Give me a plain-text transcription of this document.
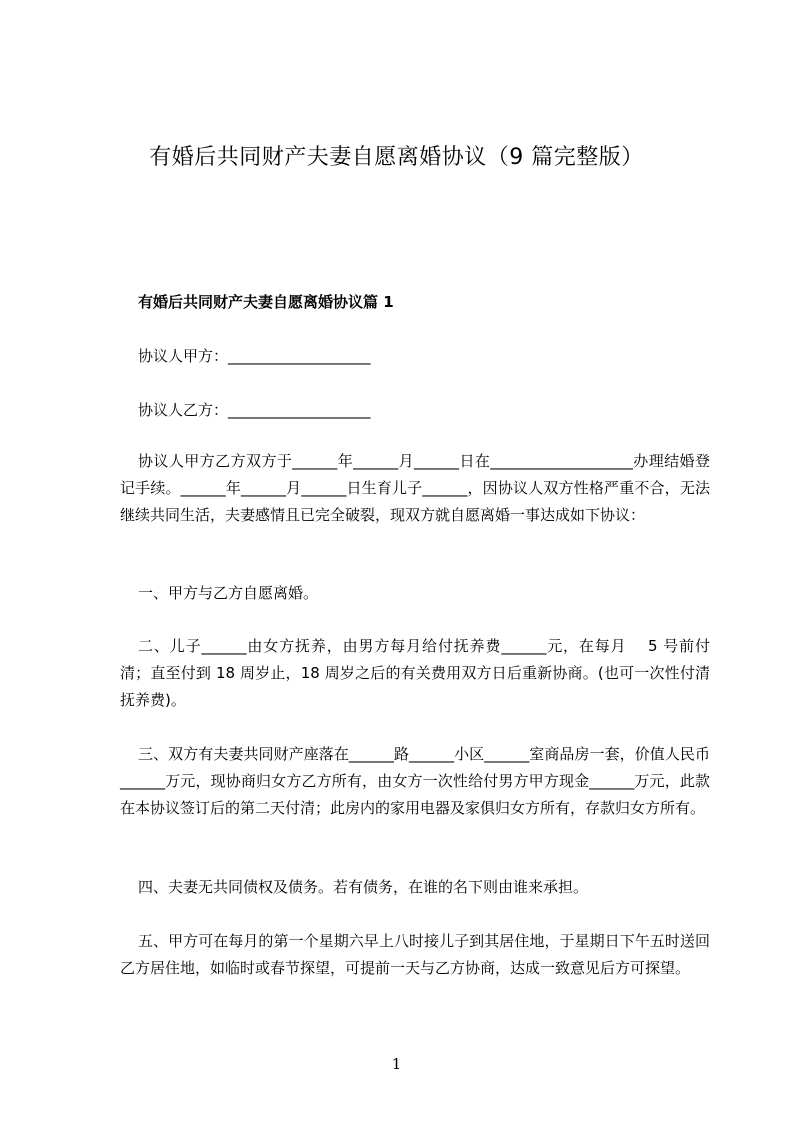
有婚后共同财产夫妻自愿离婚协议（9 篇完整版）
有婚后共同财产夫妻自愿离婚协议篇 1
协议人甲方：___________________
协议人乙方：___________________
协议人甲方乙方双方于______年______月______日在___________________办理结婚登记手续。______年______月______日生育儿子______，因协议人双方性格严重不合，无法继续共同生活，夫妻感情且已完全破裂，现双方就自愿离婚一事达成如下协议：
一、甲方与乙方自愿离婚。
二、儿子______由女方抚养，由男方每月给付抚养费______元，在每月　 5 号前付清；直至付到 18 周岁止，18 周岁之后的有关费用双方日后重新协商。(也可一次性付清抚养费)。
三、双方有夫妻共同财产座落在______路______小区______室商品房一套，价值人民币______万元，现协商归女方乙方所有，由女方一次性给付男方甲方现金______万元，此款在本协议签订后的第二天付清；此房内的家用电器及家俱归女方所有，存款归女方所有。
四、夫妻无共同债权及债务。若有债务，在谁的名下则由谁来承担。
五、甲方可在每月的第一个星期六早上八时接儿子到其居住地，于星期日下午五时送回乙方居住地，如临时或春节探望，可提前一天与乙方协商，达成一致意见后方可探望。
1
